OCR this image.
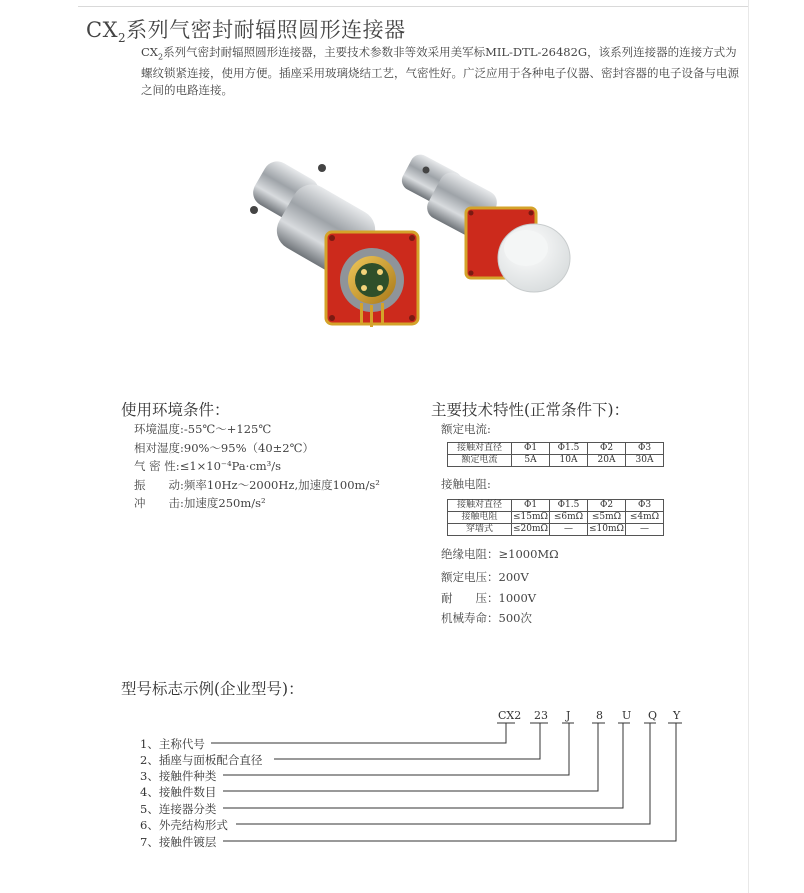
$CX_2$系列气密封耐辐照圆形连接器

$CX_2$系列气密封耐辐照圆形连接器，主要技术参数非等效采用美军标MIL-DTL-26482G，该系列连接器的连接方式为螺纹锁紧连接，使用方便。插座采用玻璃烧结工艺，气密性好。广泛应用于各种电子仪器、密封容器的电子设备与电源之间的电路连接。

使用环境条件：
环境温度:-55℃～+125℃
相对湿度:90%～95%（40±2℃）
气 密 性:≤1×10⁻⁴Pa·cm³/s
振　　动:频率10Hz～2000Hz,加速度100m/s²
冲　　击:加速度250m/s²
主要技术特性(正常条件下)：
额定电流:
接触对直径	Φ1	Φ1.5	Φ2	Φ3
额定电流	5A	10A	20A	30A
接触电阻:
接触对直径	Φ1	Φ1.5	Φ2	Φ3
接触电阻	≤15mΩ	≤6mΩ	≤5mΩ	≤4mΩ
穿墙式	≤20mΩ	—	≤10mΩ	—
绝缘电阻：≥1000MΩ
额定电压：200V
耐　　压：1000V
机械寿命：500次
型号标志示例(企业型号)：
CX2 23 J 8 U Q Y
1、主称代号
2、插座与面板配合直径
3、接触件种类
4、接触件数目
5、连接器分类
6、外壳结构形式
7、接触件镀层
